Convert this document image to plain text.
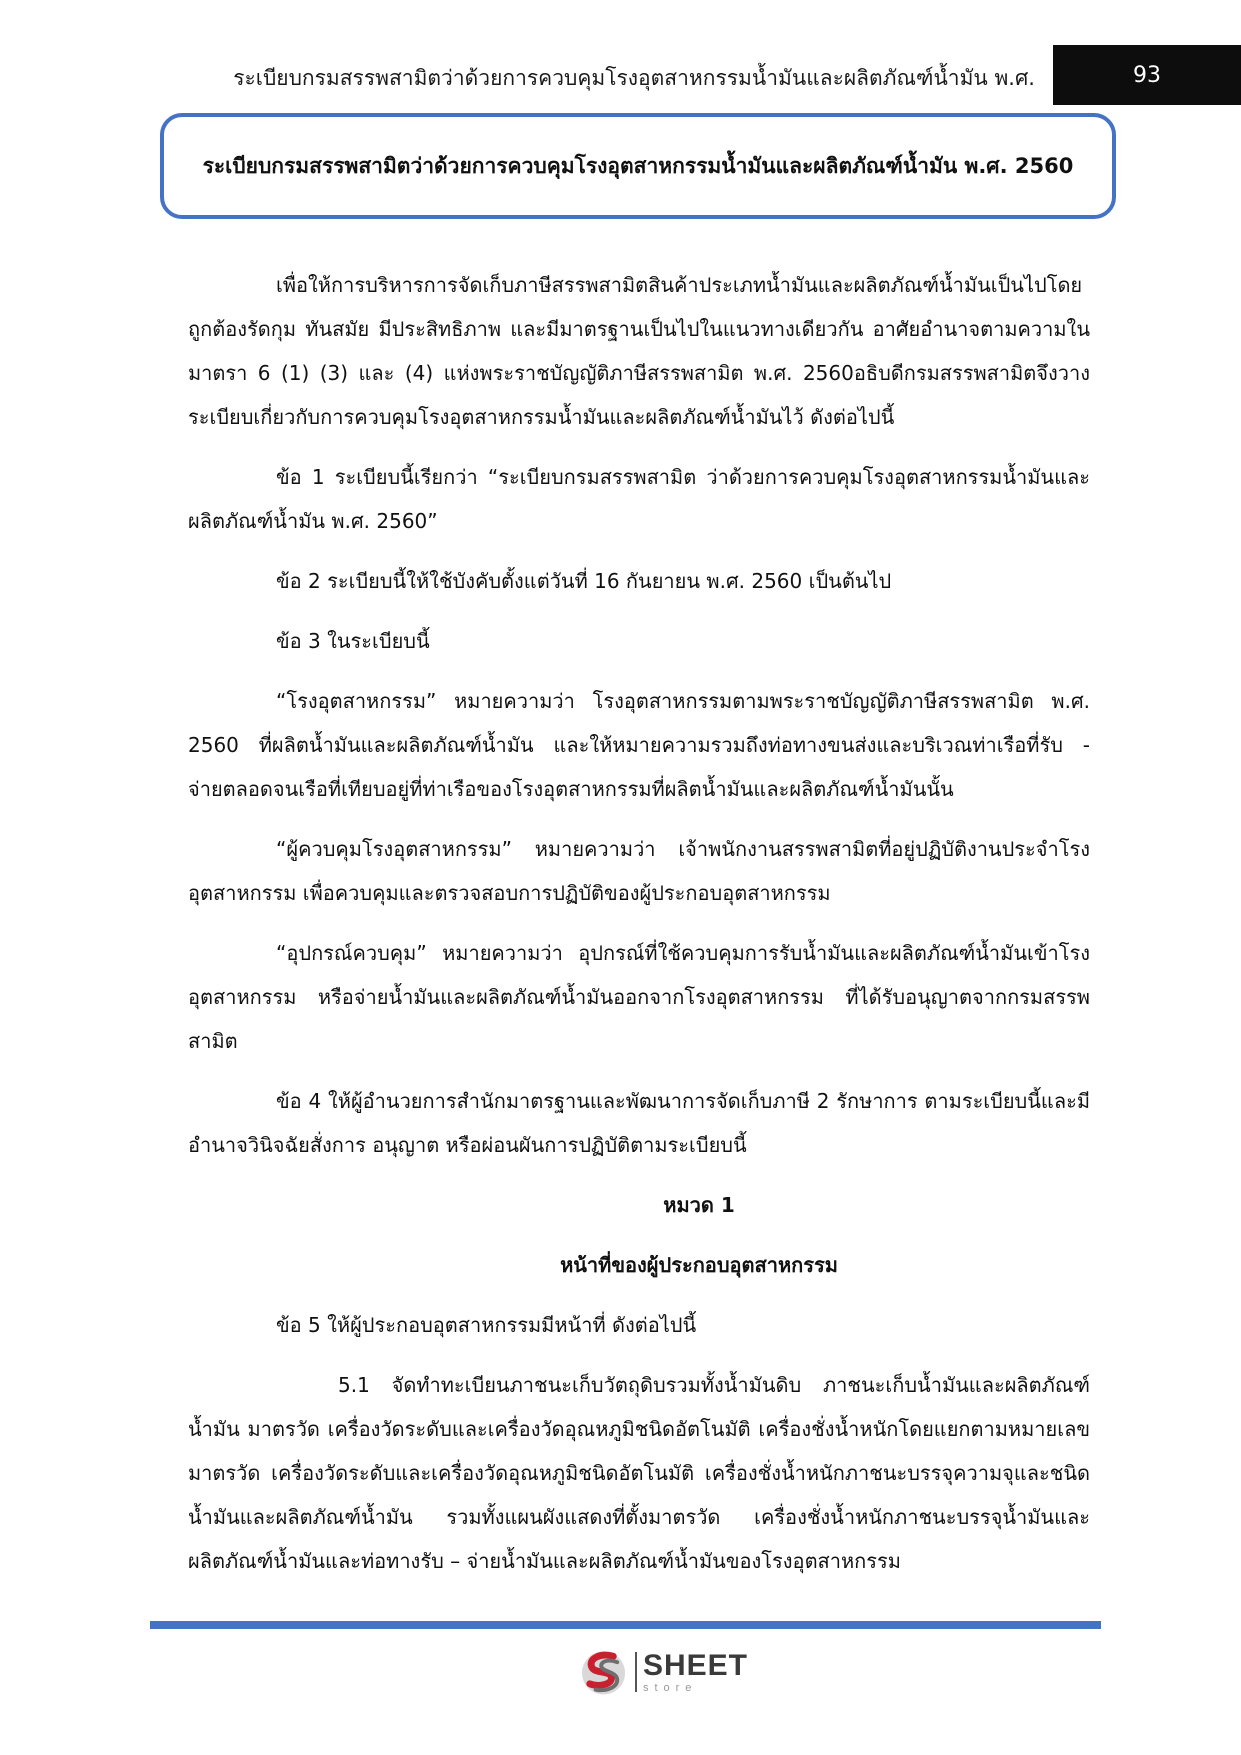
ระเบียบกรมสรรพสามิตว่าด้วยการควบคุมโรงอุตสาหกรรมน้ำมันและผลิตภัณฑ์น้ำมัน พ.ศ.	93
ระเบียบกรมสรรพสามิตว่าด้วยการควบคุมโรงอุตสาหกรรมน้ำมันและผลิตภัณฑ์น้ำมัน พ.ศ. 2560

เพื่อให้การบริหารการจัดเก็บภาษีสรรพสามิตสินค้าประเภทน้ำมันและผลิตภัณฑ์น้ำมันเป็นไปโดยถูกต้องรัดกุม ทันสมัย มีประสิทธิภาพ และมีมาตรฐานเป็นไปในแนวทางเดียวกัน อาศัยอำนาจตามความในมาตรา 6 (1) (3) และ (4) แห่งพระราชบัญญัติภาษีสรรพสามิต พ.ศ. 2560อธิบดีกรมสรรพสามิตจึงวางระเบียบเกี่ยวกับการควบคุมโรงอุตสาหกรรมน้ำมันและผลิตภัณฑ์น้ำมันไว้ ดังต่อไปนี้

ข้อ 1 ระเบียบนี้เรียกว่า “ระเบียบกรมสรรพสามิต ว่าด้วยการควบคุมโรงอุตสาหกรรมน้ำมันและผลิตภัณฑ์น้ำมัน พ.ศ. 2560”

ข้อ 2 ระเบียบนี้ให้ใช้บังคับตั้งแต่วันที่ 16 กันยายน พ.ศ. 2560 เป็นต้นไป

ข้อ 3 ในระเบียบนี้

“โรงอุตสาหกรรม” หมายความว่า โรงอุตสาหกรรมตามพระราชบัญญัติภาษีสรรพสามิต พ.ศ. 2560 ที่ผลิตน้ำมันและผลิตภัณฑ์น้ำมัน และให้หมายความรวมถึงท่อทางขนส่งและบริเวณท่าเรือที่รับ - จ่ายตลอดจนเรือที่เทียบอยู่ที่ท่าเรือของโรงอุตสาหกรรมที่ผลิตน้ำมันและผลิตภัณฑ์น้ำมันนั้น

“ผู้ควบคุมโรงอุตสาหกรรม” หมายความว่า เจ้าพนักงานสรรพสามิตที่อยู่ปฏิบัติงานประจำโรงอุตสาหกรรม เพื่อควบคุมและตรวจสอบการปฏิบัติของผู้ประกอบอุตสาหกรรม

“อุปกรณ์ควบคุม” หมายความว่า อุปกรณ์ที่ใช้ควบคุมการรับน้ำมันและผลิตภัณฑ์น้ำมันเข้าโรงอุตสาหกรรม หรือจ่ายน้ำมันและผลิตภัณฑ์น้ำมันออกจากโรงอุตสาหกรรม ที่ได้รับอนุญาตจากกรมสรรพสามิต

ข้อ 4 ให้ผู้อำนวยการสำนักมาตรฐานและพัฒนาการจัดเก็บภาษี 2 รักษาการ ตามระเบียบนี้และมีอำนาจวินิจฉัยสั่งการ อนุญาต หรือผ่อนผันการปฏิบัติตามระเบียบนี้

หมวด 1

หน้าที่ของผู้ประกอบอุตสาหกรรม

ข้อ 5 ให้ผู้ประกอบอุตสาหกรรมมีหน้าที่ ดังต่อไปนี้

5.1 จัดทำทะเบียนภาชนะเก็บวัตถุดิบรวมทั้งน้ำมันดิบ ภาชนะเก็บน้ำมันและผลิตภัณฑ์น้ำมัน มาตรวัด เครื่องวัดระดับและเครื่องวัดอุณหภูมิชนิดอัตโนมัติ เครื่องชั่งน้ำหนักโดยแยกตามหมายเลขมาตรวัด เครื่องวัดระดับและเครื่องวัดอุณหภูมิชนิดอัตโนมัติ เครื่องชั่งน้ำหนักภาชนะบรรจุความจุและชนิดน้ำมันและผลิตภัณฑ์น้ำมัน รวมทั้งแผนผังแสดงที่ตั้งมาตรวัด เครื่องชั่งน้ำหนักภาชนะบรรจุน้ำมันและผลิตภัณฑ์น้ำมันและท่อทางรับ – จ่ายน้ำมันและผลิตภัณฑ์น้ำมันของโรงอุตสาหกรรม

SHEET
store
